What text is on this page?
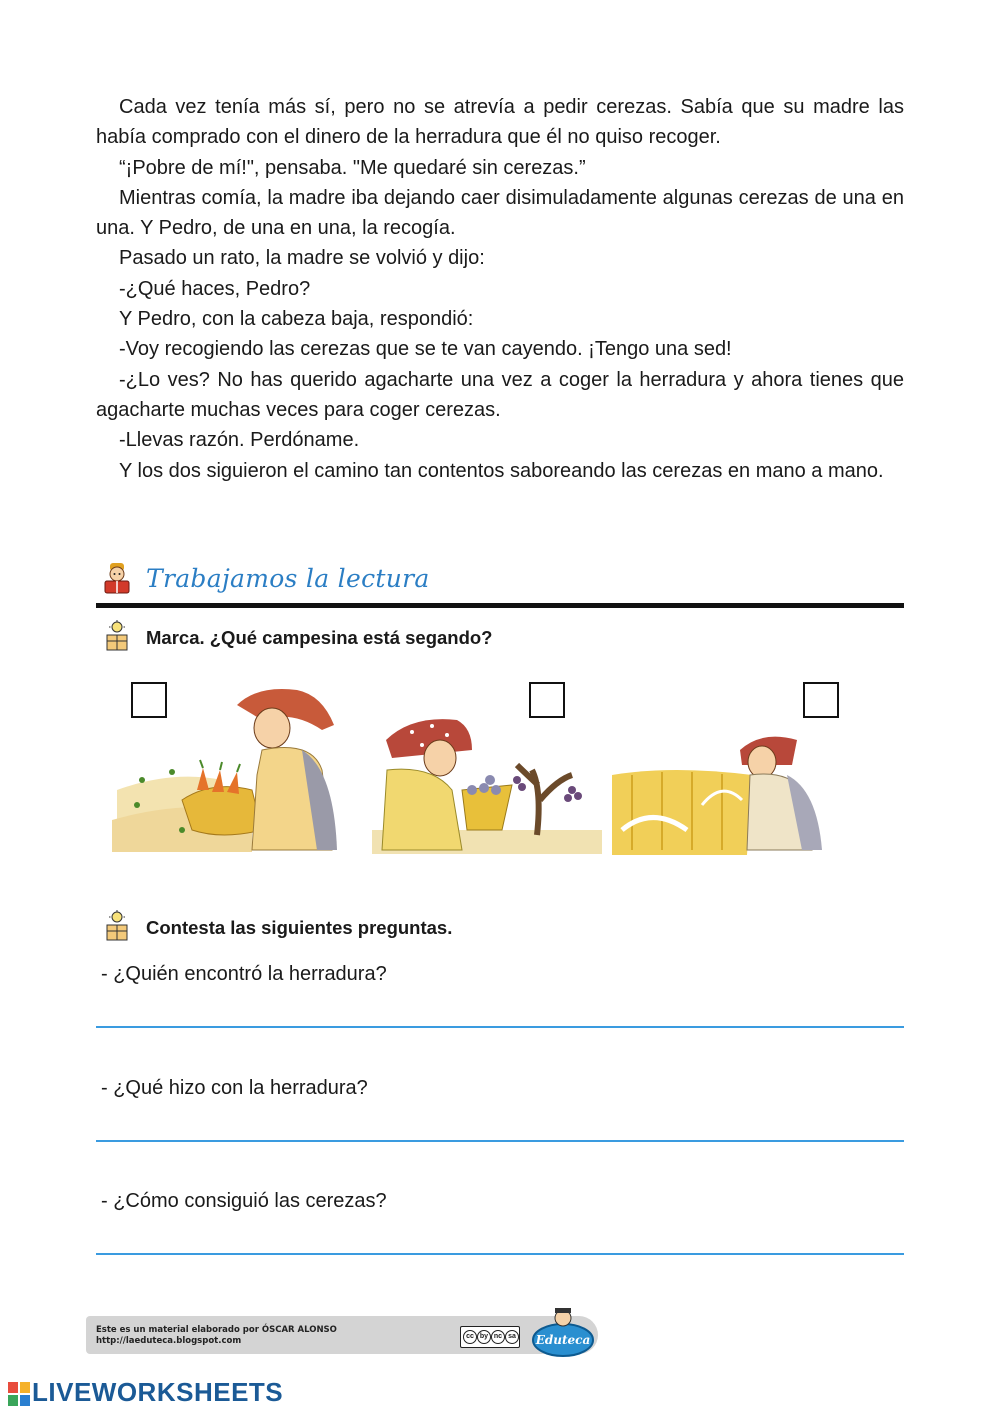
Cada vez tenía más sí, pero no se atrevía a pedir cerezas. Sabía que su madre las había comprado con el dinero de la herradura que él no quiso recoger.

“¡Pobre de mí!", pensaba. "Me quedaré sin cerezas.”

Mientras comía, la madre iba dejando caer disimuladamente algunas cerezas de una en una. Y Pedro, de una en una, la recogía.

Pasado un rato, la madre se volvió y dijo:

-¿Qué haces, Pedro?

Y Pedro, con la cabeza baja, respondió:

-Voy recogiendo las cerezas que se te van cayendo. ¡Tengo una sed!

-¿Lo ves? No has querido agacharte una vez a coger la herradura y ahora tienes que agacharte muchas veces para coger cerezas.

-Llevas razón. Perdóname.

Y los dos siguieron el camino tan contentos saboreando las cerezas en mano a mano.

Trabajamos la lectura
Marca. ¿Qué campesina está segando?
Contesta las siguientes preguntas.
- ¿Quién encontró la herradura?
- ¿Qué hizo con la herradura?
- ¿Cómo consiguió las cerezas?
Este es un material elaborado por ÓSCAR ALONSO
http://laeduteca.blogspot.com	cc by nc sa Eduteca
LIVEWORKSHEETS
